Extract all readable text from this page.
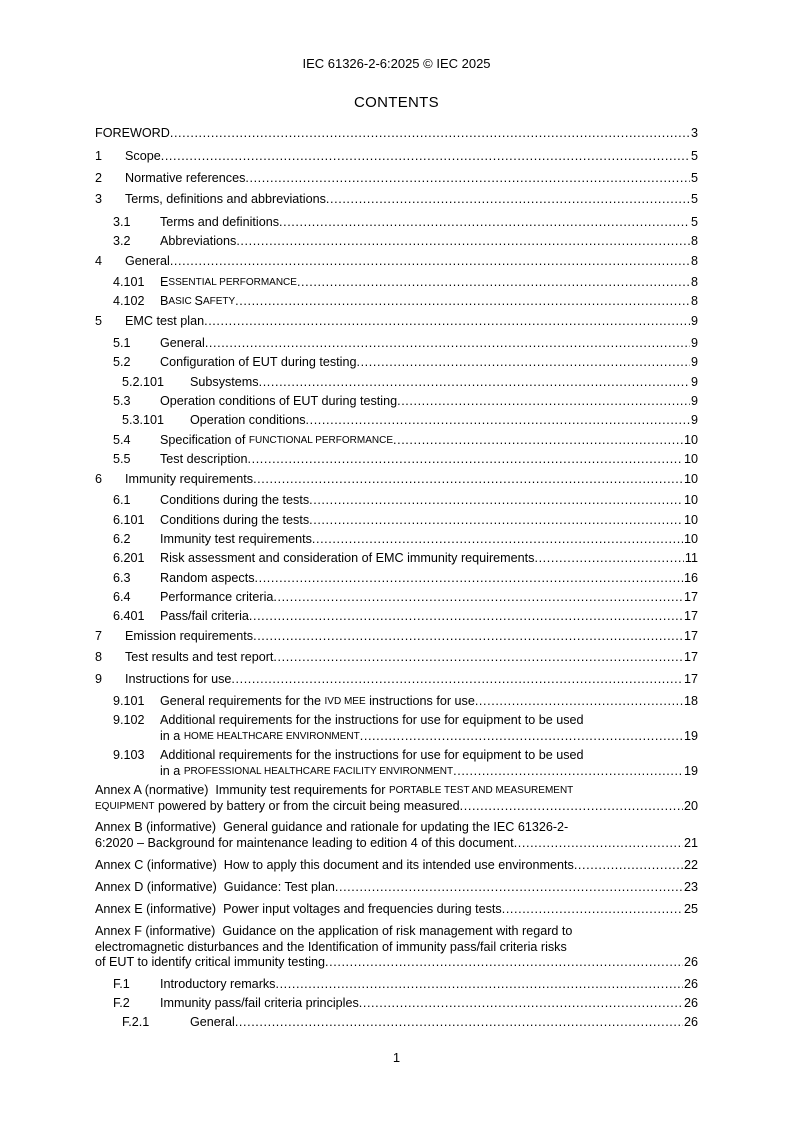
IEC 61326-2-6:2025 © IEC 2025
CONTENTS
FOREWORD .....	3
1 Scope .....	5
2 Normative references .....	5
3 Terms, definitions and abbreviations .....	5
3.1 Terms and definitions .....	5
3.2 Abbreviations .....	8
4 General .....	8
4.101 E SSENTIAL PERFORMANCE .....	8
4.102 B ASIC S AFETY .....	8
5 EMC test plan .....	9
5.1 General .....	9
5.2 Configuration of EUT during testing .....	9
5.2.101 Subsystems .....	9
5.3 Operation conditions of EUT during testing .....	9
5.3.101 Operation conditions .....	9
5.4 Specification of FUNCTIONAL PERFORMANCE .....	10
5.5 Test description .....	10
6 Immunity requirements .....	10
6.1 Conditions during the tests .....	10
6.101 Conditions during the tests .....	10
6.2 Immunity test requirements .....	10
6.201 Risk assessment and consideration of EMC immunity requirements .....	11
6.3 Random aspects .....	16
6.4 Performance criteria .....	17
6.401 Pass/fail criteria .....	17
7 Emission requirements .....	17
8 Test results and test report .....	17
9 Instructions for use .....	17
9.101 General requirements for the IVD MEE instructions for use .....	18
9.102 Additional requirements for the instructions for use for equipment to be used
in a HOME HEALTHCARE ENVIRONMENT .....	19
9.103 Additional requirements for the instructions for use for equipment to be used
in a PROFESSIONAL HEALTHCARE FACILITY ENVIRONMENT .....	19
Annex A (normative)  Immunity test requirements for PORTABLE TEST AND MEASUREMENT
EQUIPMENT powered by battery or from the circuit being measured .....	20
Annex B (informative)  General guidance and rationale for updating the IEC 61326-2-
6:2020 – Background for maintenance leading to edition 4 of this document .....	21
Annex C (informative)  How to apply this document and its intended use environments .....	22
Annex D (informative)  Guidance: Test plan .....	23
Annex E (informative)  Power input voltages and frequencies during tests .....	25
Annex F (informative)  Guidance on the application of risk management with regard to
electromagnetic disturbances and the Identification of immunity pass/fail criteria risks
of EUT to identify critical immunity testing .....	26
F.1 Introductory remarks .....	26
F.2 Immunity pass/fail criteria principles .....	26
F.2.1	General .....	26
1
